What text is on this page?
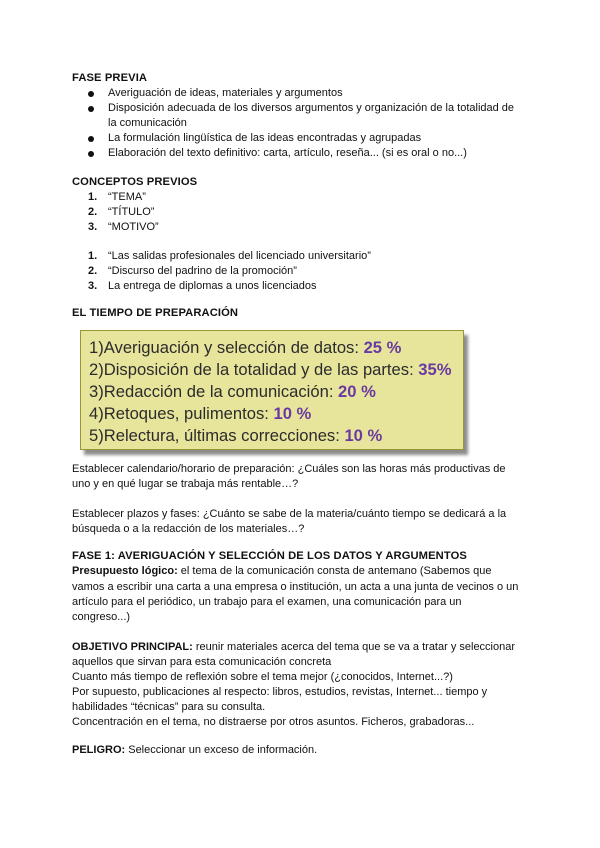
FASE PREVIA
Averiguación de ideas, materiales y argumentos
Disposición adecuada de los diversos argumentos y organización de la totalidad de
la comunicación
La formulación lingüística de las ideas encontradas y agrupadas
Elaboración del texto definitivo: carta, artículo, reseña... (si es oral o no...)
CONCEPTOS PREVIOS
1. “TEMA”
2. “TÍTULO”
3. “MOTIVO”
1. “Las salidas profesionales del licenciado universitario”
2. “Discurso del padrino de la promoción”
3. La entrega de diplomas a unos licenciados
EL TIEMPO DE PREPARACIÓN
1)Averiguación y selección de datos: 25 %
2)Disposición de la totalidad y de las partes: 35%
3)Redacción de la comunicación: 20 %
4)Retoques, pulimentos: 10 %
5)Relectura, últimas correcciones: 10 %
Establecer calendario/horario de preparación: ¿Cuáles son las horas más productivas de
uno y en qué lugar se trabaja más rentable…?
Establecer plazos y fases: ¿Cuánto se sabe de la materia/cuánto tiempo se dedicará a la
búsqueda o a la redacción de los materiales…?
FASE 1: AVERIGUACIÓN Y SELECCIÓN DE LOS DATOS Y ARGUMENTOS
Presupuesto lógico: el tema de la comunicación consta de antemano (Sabemos que
vamos a escribir una carta a una empresa o institución, un acta a una junta de vecinos o un
artículo para el periódico, un trabajo para el examen, una comunicación para un
congreso...)
OBJETIVO PRINCIPAL: reunir materiales acerca del tema que se va a tratar y seleccionar
aquellos que sirvan para esta comunicación concreta
Cuanto más tiempo de reflexión sobre el tema mejor (¿conocidos, Internet...?)
Por supuesto, publicaciones al respecto: libros, estudios, revistas, Internet... tiempo y
habilidades “técnicas” para su consulta.
Concentración en el tema, no distraerse por otros asuntos. Ficheros, grabadoras...
PELIGRO: Seleccionar un exceso de información.
